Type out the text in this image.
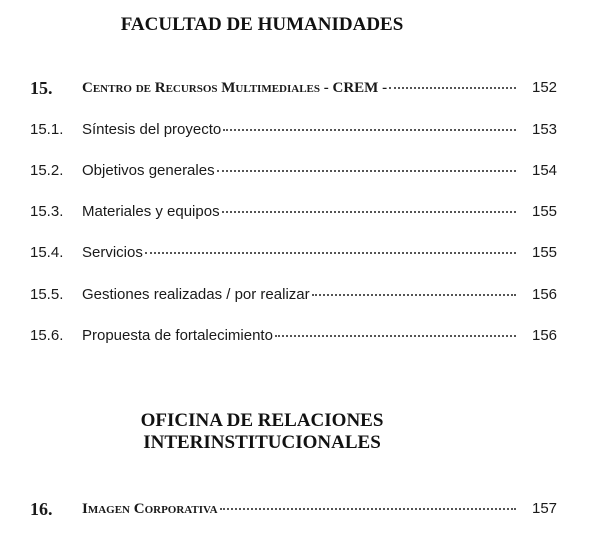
FACULTAD DE HUMANIDADES
15. Centro de Recursos Multimediales - CREM -	152
15.1. Síntesis del proyecto	153
15.2. Objetivos generales	154
15.3. Materiales y equipos	155
15.4. Servicios	155
15.5. Gestiones realizadas / por realizar	156
15.6. Propuesta de fortalecimiento	156
OFICINA DE RELACIONES
INTERINSTITUCIONALES
16. Imagen Corporativa	157
